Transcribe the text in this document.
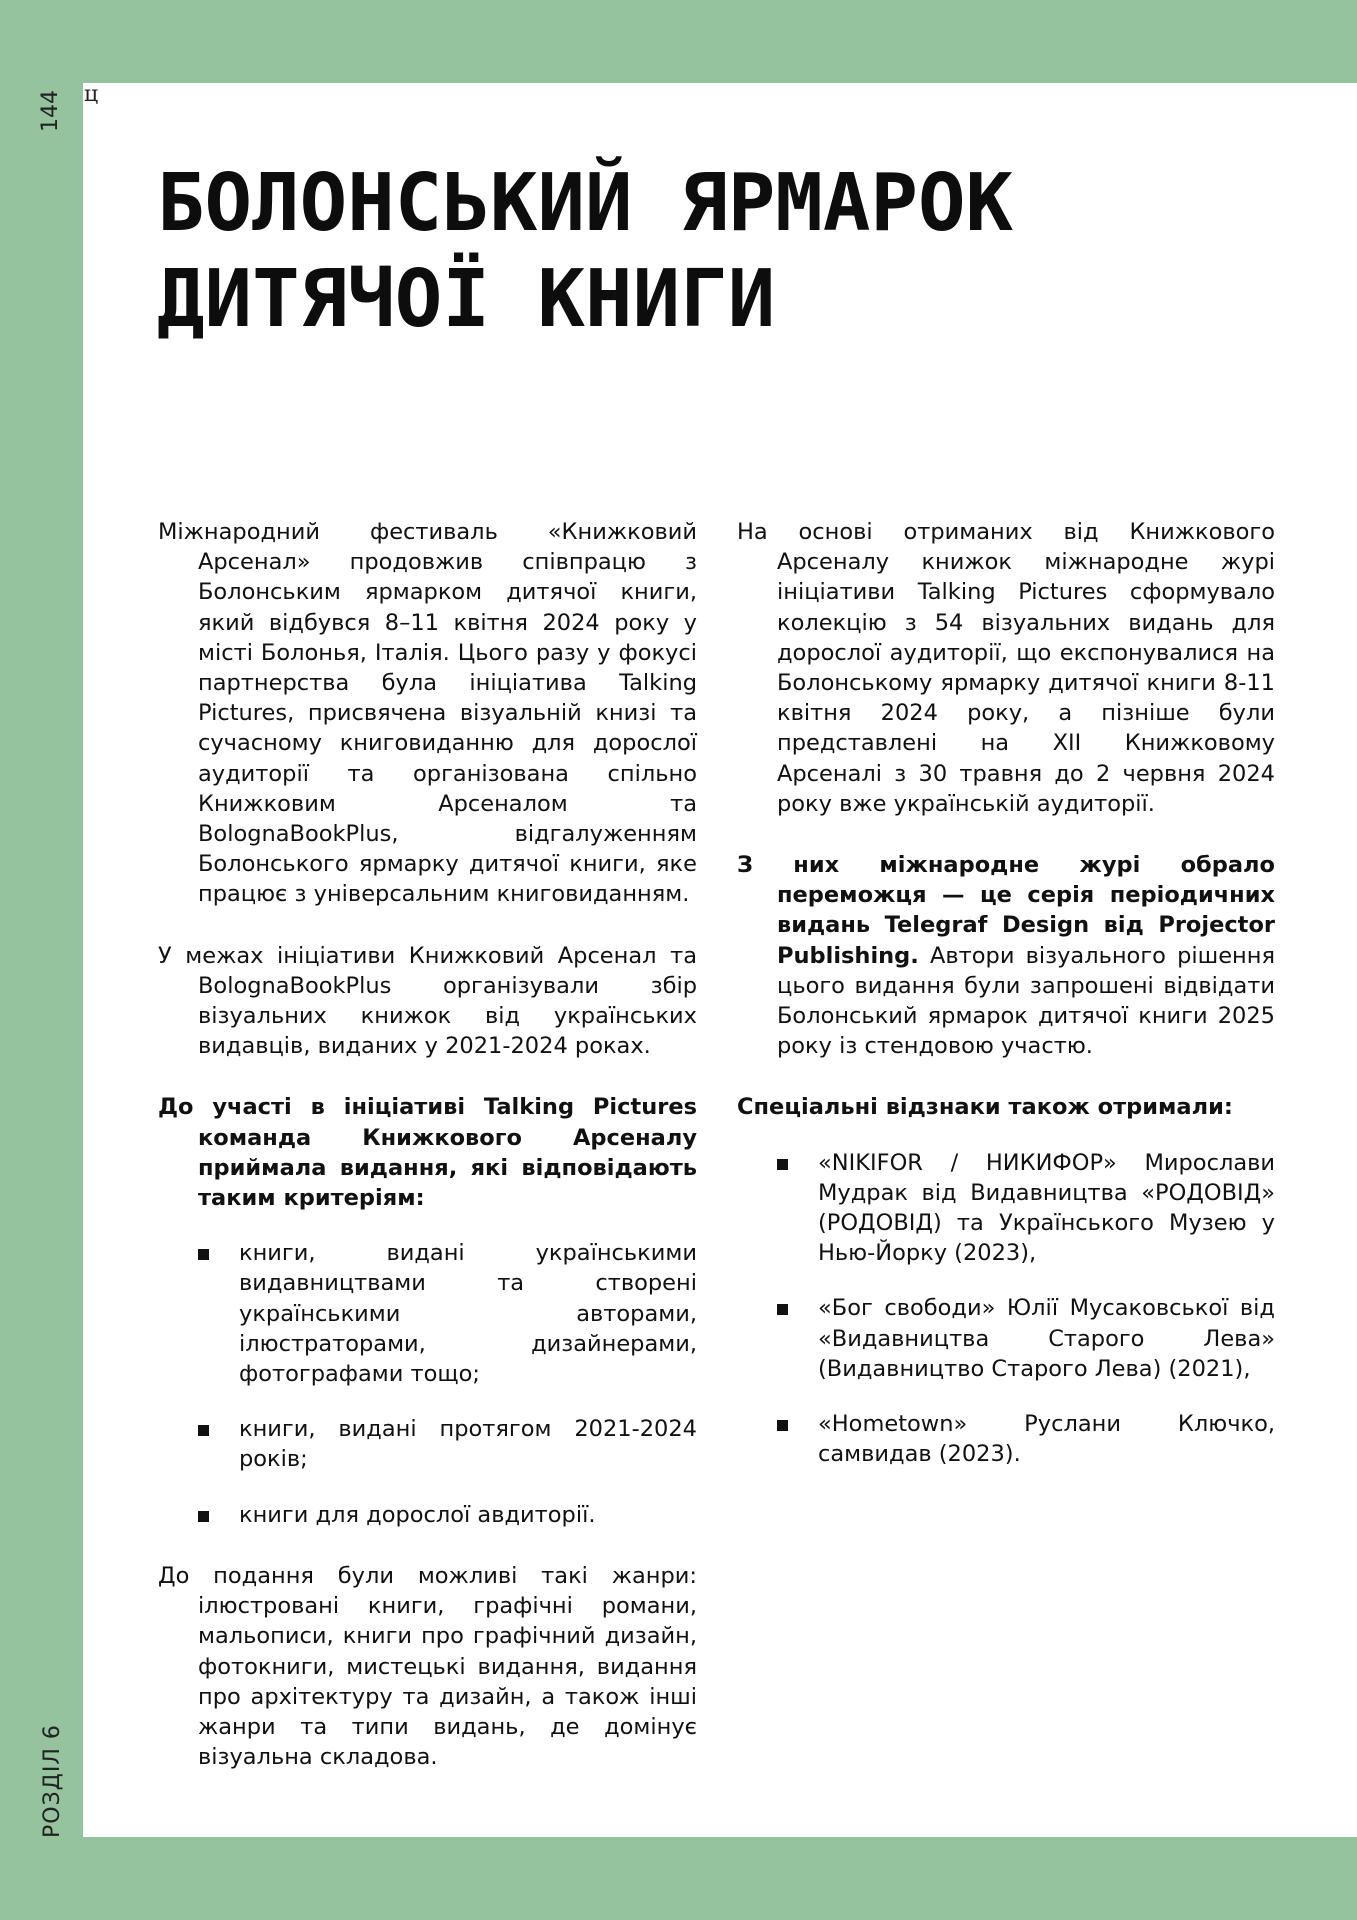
144
РОЗДІЛ 6
ц
БОЛОНСЬКИЙ ЯРМАРОК
ДИТЯЧОЇ КНИГИ

Міжнародний фестиваль «Книжковий Арсенал» продовжив співпрацю з Болонським ярмарком дитячої книги, який відбувся 8–11 квітня 2024 року у місті Болонья, Італія. Цього разу у фокусі партнерства була ініціатива Talking Pictures, присвячена візуальній книзі та сучасному книговиданню для дорослої аудиторії та організована спільно Книжковим Арсеналом та BolognaBookPlus, відгалуженням Болонського ярмарку дитячої книги, яке працює з універсальним книговиданням.

У межах ініціативи Книжковий Арсенал та BolognaBookPlus організували збір візуальних книжок від українських видавців, виданих у 2021-2024 роках.

До участі в ініціативі Talking Pictures команда Книжкового Арсеналу приймала видання, які відповідають таким критеріям:

книги, видані українськими видавництвами та створені українськими авторами, ілюстраторами, дизайнерами, фотографами тощо;
книги, видані протягом 2021-2024 років;
книги для дорослої авдиторії.

До подання були можливі такі жанри: ілюстровані книги, графічні романи, мальописи, книги про графічний дизайн, фотокниги, мистецькі видання, видання про архітектуру та дизайн, а також інші жанри та типи видань, де домінує візуальна складова.

На основі отриманих від Книжкового Арсеналу книжок міжнародне журі ініціативи Talking Pictures сформувало колекцію з 54 візуальних видань для дорослої аудиторії, що експонувалися на Болонському ярмарку дитячої книги 8-11 квітня 2024 року, а пізніше були представлені на XII Книжковому Арсеналі з 30 травня до 2 червня 2024 року вже українській аудиторії.

З них міжнародне журі обрало переможця — це серія періодичних видань Telegraf Design від Projector Publishing. Автори візуального рішення цього видання були запрошені відвідати Болонський ярмарок дитячої книги 2025 року із стендовою участю.

Спеціальні відзнаки також отримали:

«NIKIFOR / НИКИФОР» Мирослави Мудрак від Видавництва «РОДОВІД» (РОДОВІД) та Українського Музею у Нью-Йорку (2023),
«Бог свободи» Юлії Мусаковської від «Видавництва Старого Лева» (Видавництво Старого Лева) (2021),
«Hometown» Руслани Ключко, самвидав (2023).
